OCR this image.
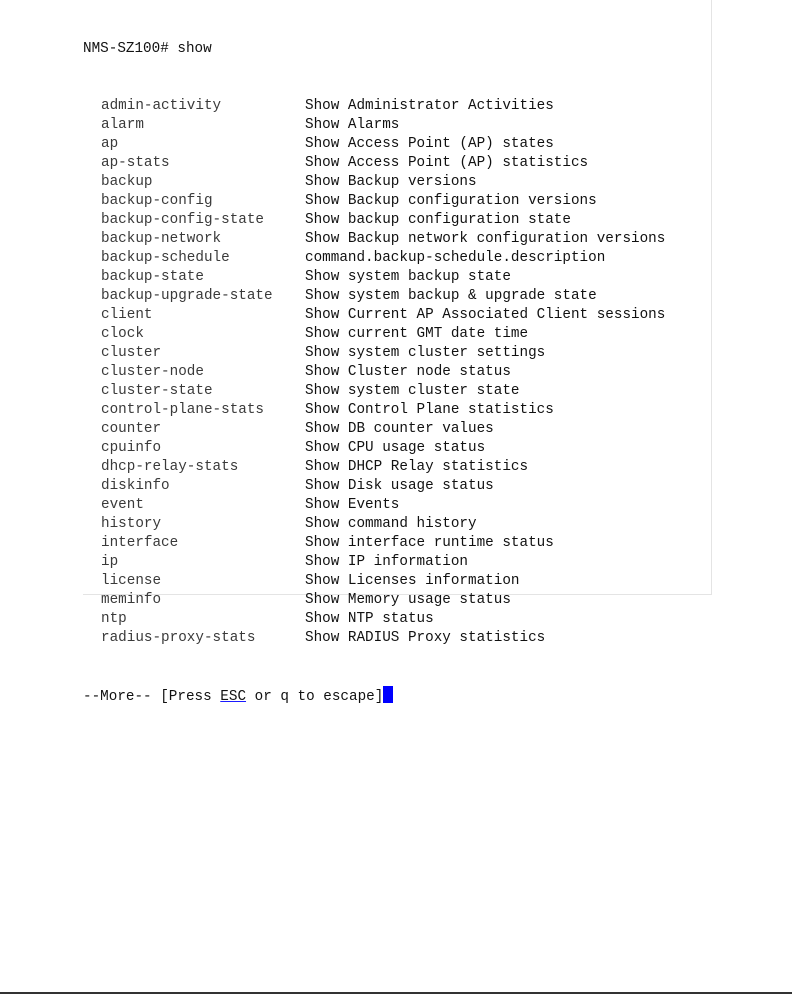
NMS-SZ100# show

admin-activity	Show Administrator Activities
alarm	Show Alarms
ap	Show Access Point (AP) states
ap-stats	Show Access Point (AP) statistics
backup	Show Backup versions
backup-config	Show Backup configuration versions
backup-config-state	Show backup configuration state
backup-network	Show Backup network configuration versions
backup-schedule	command.backup-schedule.description
backup-state	Show system backup state
backup-upgrade-state Show system backup & upgrade state
client	Show Current AP Associated Client sessions
clock	Show current GMT date time
cluster	Show system cluster settings
cluster-node	Show Cluster node status
cluster-state	Show system cluster state
control-plane-stats	Show Control Plane statistics
counter	Show DB counter values
cpuinfo	Show CPU usage status
dhcp-relay-stats	Show DHCP Relay statistics
diskinfo	Show Disk usage status
event	Show Events
history	Show command history
interface	Show interface runtime status
ip	Show IP information
license	Show Licenses information
meminfo	Show Memory usage status
ntp	Show NTP status
radius-proxy-stats	Show RADIUS Proxy statistics

--More-- [Press ESC or q to escape]
